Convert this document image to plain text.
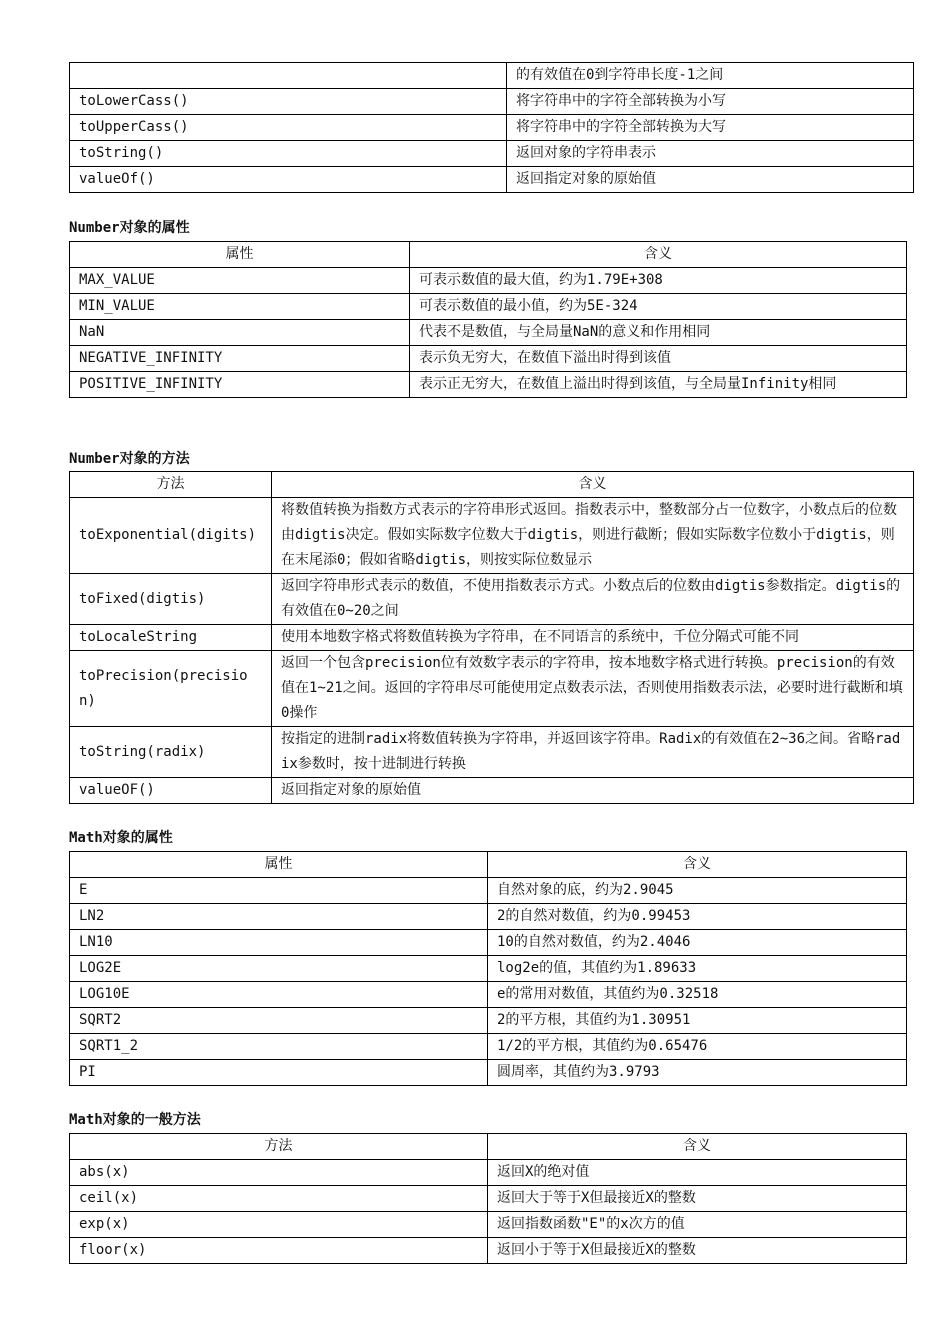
	的有效值在0到字符串长度-1之间
toLowerCass()	将字符串中的字符全部转换为小写
toUpperCass()	将字符串中的字符全部转换为大写
toString()	返回对象的字符串表示
valueOf()	返回指定对象的原始值
Number对象的属性
属性	含义
MAX_VALUE	可表示数值的最大值，约为1.79E+308
MIN_VALUE	可表示数值的最小值，约为5E-324
NaN	代表不是数值，与全局量NaN的意义和作用相同
NEGATIVE_INFINITY	表示负无穷大，在数值下溢出时得到该值
POSITIVE_INFINITY	表示正无穷大，在数值上溢出时得到该值，与全局量Infinity相同
Number对象的方法
方法	含义
toExponential(digits)	将数值转换为指数方式表示的字符串形式返回。指数表示中，整数部分占一位数字，小数点后的位数由digtis决定。假如实际数字位数大于digtis，则进行截断；假如实际数字位数小于digtis，则在末尾添0；假如省略digtis，则按实际位数显示
toFixed(digtis)	返回字符串形式表示的数值，不使用指数表示方式。小数点后的位数由digtis参数指定。digtis的有效值在0~20之间
toLocaleString	使用本地数字格式将数值转换为字符串，在不同语言的系统中，千位分隔式可能不同
toPrecision(precision)	返回一个包含precision位有效数字表示的字符串，按本地数字格式进行转换。precision的有效值在1~21之间。返回的字符串尽可能使用定点数表示法，否则使用指数表示法，必要时进行截断和填0操作
toString(radix)	按指定的进制radix将数值转换为字符串，并返回该字符串。Radix的有效值在2~36之间。省略radix参数时，按十进制进行转换
valueOF()	返回指定对象的原始值
Math对象的属性
属性	含义
E	自然对象的底，约为2.9045
LN2	2的自然对数值，约为0.99453
LN10	10的自然对数值，约为2.4046
LOG2E	log2e的值，其值约为1.89633
LOG10E	e的常用对数值，其值约为0.32518
SQRT2	2的平方根，其值约为1.30951
SQRT1_2	1/2的平方根，其值约为0.65476
PI	圆周率，其值约为3.9793
Math对象的一般方法
方法	含义
abs(x)	返回X的绝对值
ceil(x)	返回大于等于X但最接近X的整数
exp(x)	返回指数函数"E"的x次方的值
floor(x)	返回小于等于X但最接近X的整数
